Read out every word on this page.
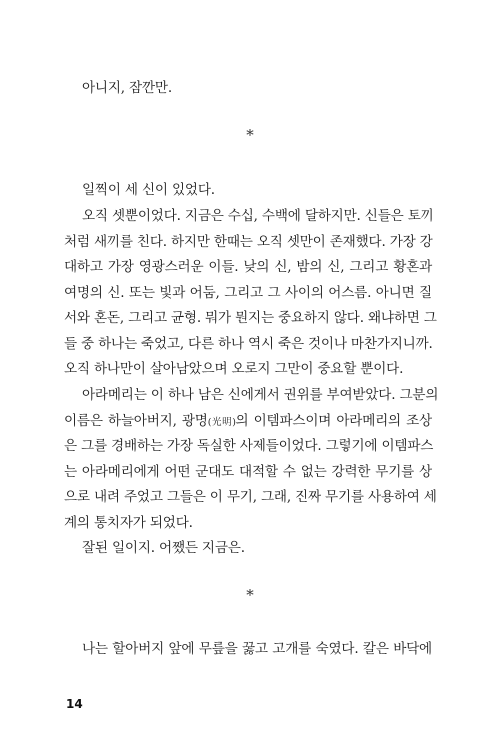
아니지, 잠깐만.
*
일찍이 세 신이 있었다.
오직 셋뿐이었다. 지금은 수십, 수백에 달하지만. 신들은 토끼
처럼 새끼를 친다. 하지만 한때는 오직 셋만이 존재했다. 가장 강
대하고 가장 영광스러운 이들. 낮의 신, 밤의 신, 그리고 황혼과
여명의 신. 또는 빛과 어둠, 그리고 그 사이의 어스름. 아니면 질
서와 혼돈, 그리고 균형. 뭐가 뭔지는 중요하지 않다. 왜냐하면 그
들 중 하나는 죽었고, 다른 하나 역시 죽은 것이나 마찬가지니까.
오직 하나만이 살아남았으며 오로지 그만이 중요할 뿐이다.
아라메리는 이 하나 남은 신에게서 권위를 부여받았다. 그분의
이름은 하늘아버지, 광명(光明)의 이템파스이며 아라메리의 조상
은 그를 경배하는 가장 독실한 사제들이었다. 그렇기에 이템파스
는 아라메리에게 어떤 군대도 대적할 수 없는 강력한 무기를 상
으로 내려 주었고 그들은 이 무기, 그래, 진짜 무기를 사용하여 세
계의 통치자가 되었다.
잘된 일이지. 어쨌든 지금은.
*
나는 할아버지 앞에 무릎을 꿇고 고개를 숙였다. 칼은 바닥에
14
